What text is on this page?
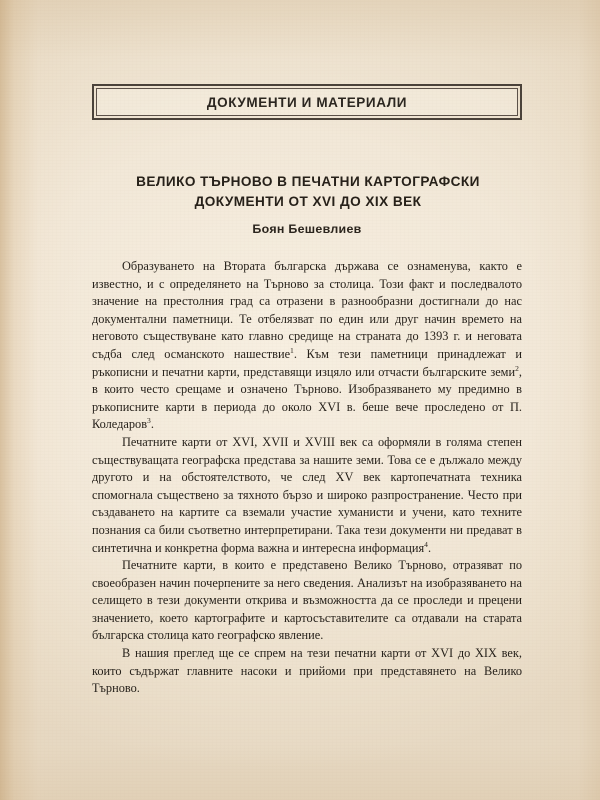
ДОКУМЕНТИ И МАТЕРИАЛИ
ВЕЛИКО ТЪРНОВО В ПЕЧАТНИ КАРТОГРАФСКИ
ДОКУМЕНТИ ОТ XVI ДО XIX ВЕК
Боян Бешевлиев

Образуването на Втората българска държава се ознаменува, както е известно, и с определянето на Търново за столица. Този факт и последвалото значение на престолния град са отразени в разнообразни достигнали до нас документални паметници. Те отбелязват по един или друг начин времето на неговото съществуване като главно средище на страната до 1393 г. и неговата съдба след османското нашествие$^1$. Към тези паметници принадлежат и ръкописни и печатни карти, представящи изцяло или отчасти българските земи$^2$, в които често срещаме и означено Търново. Изобразяването му предимно в ръкописните карти в периода до около XVI в. беше вече проследено от П. Коледаров$^3$.

Печатните карти от XVI, XVII и XVIII век са оформяли в голяма степен съществуващата географска представа за нашите земи. Това се е дължало между другото и на обстоятелството, че след XV век картопечатната техника спомогнала съществено за тяхното бързо и широко разпространение. Често при създаването на картите са вземали участие хуманисти и учени, като техните познания са били съответно интерпретирани. Така тези документи ни предават в синтетична и конкретна форма важна и интересна информация$^4$.

Печатните карти, в които е представено Велико Търново, отразяват по своеобразен начин почерпените за него сведения. Анализът на изобразяването на селището в тези документи открива и възможността да се проследи и прецени значението, което картографите и картосъставителите са отдавали на старата българска столица като географско явление.

В нашия преглед ще се спрем на тези печатни карти от XVI до XIX век, които съдържат главните насоки и прийоми при представянето на Велико Търново.
